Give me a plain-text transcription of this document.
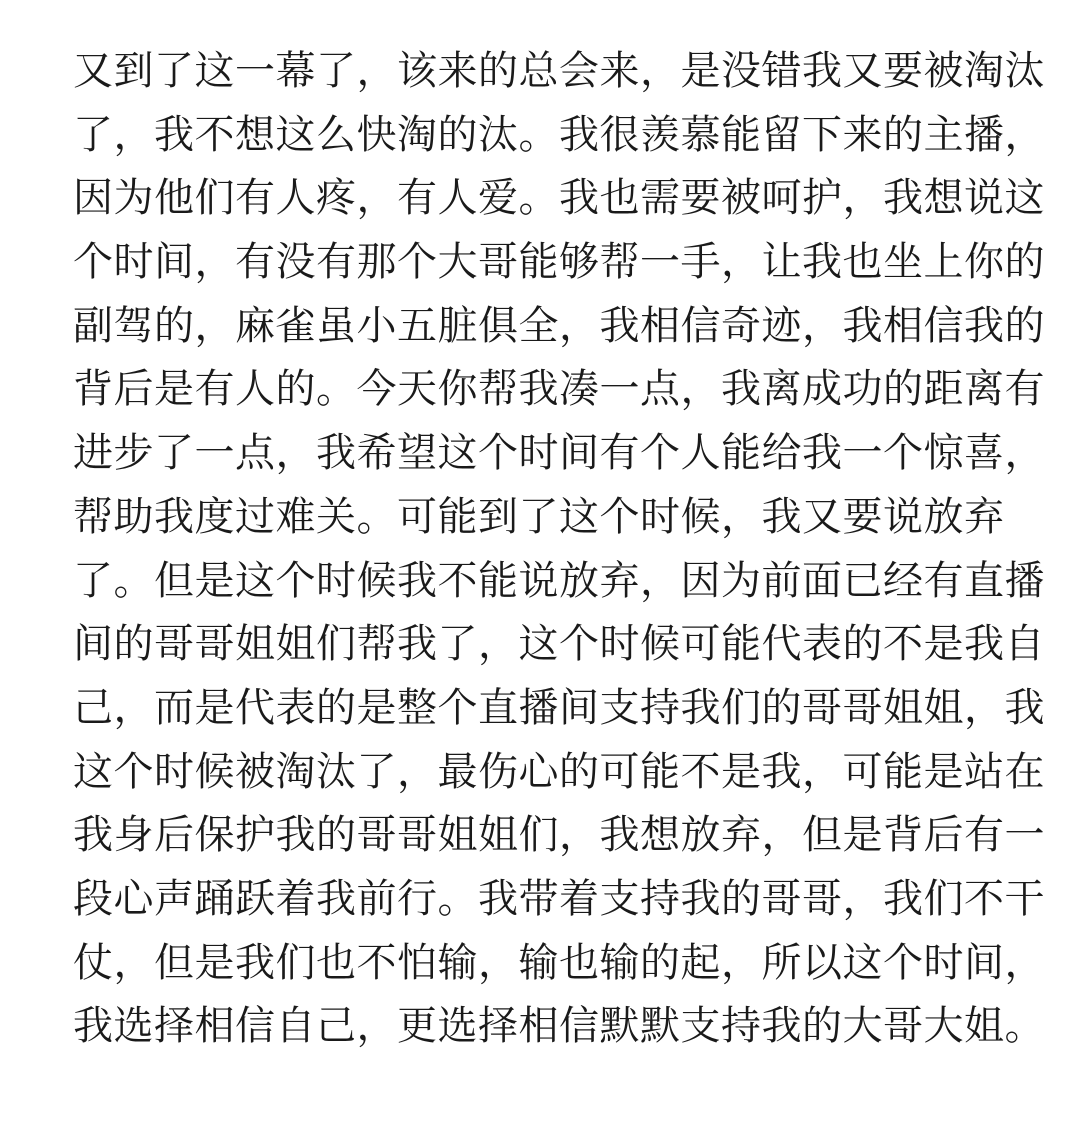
又到了这一幕了，该来的总会来，是没错我又要被淘汰
了，我不想这么快淘的汰。我很羡慕能留下来的主播，
因为他们有人疼，有人爱。我也需要被呵护，我想说这
个时间，有没有那个大哥能够帮一手，让我也坐上你的
副驾的，麻雀虽小五脏俱全，我相信奇迹，我相信我的
背后是有人的。今天你帮我凑一点，我离成功的距离有
进步了一点，我希望这个时间有个人能给我一个惊喜，
帮助我度过难关。可能到了这个时候，我又要说放弃
了。但是这个时候我不能说放弃，因为前面已经有直播
间的哥哥姐姐们帮我了，这个时候可能代表的不是我自
己，而是代表的是整个直播间支持我们的哥哥姐姐，我
这个时候被淘汰了，最伤心的可能不是我，可能是站在
我身后保护我的哥哥姐姐们，我想放弃，但是背后有一
段心声踊跃着我前行。我带着支持我的哥哥，我们不干
仗，但是我们也不怕输，输也输的起，所以这个时间，
我选择相信自己，更选择相信默默支持我的大哥大姐。
